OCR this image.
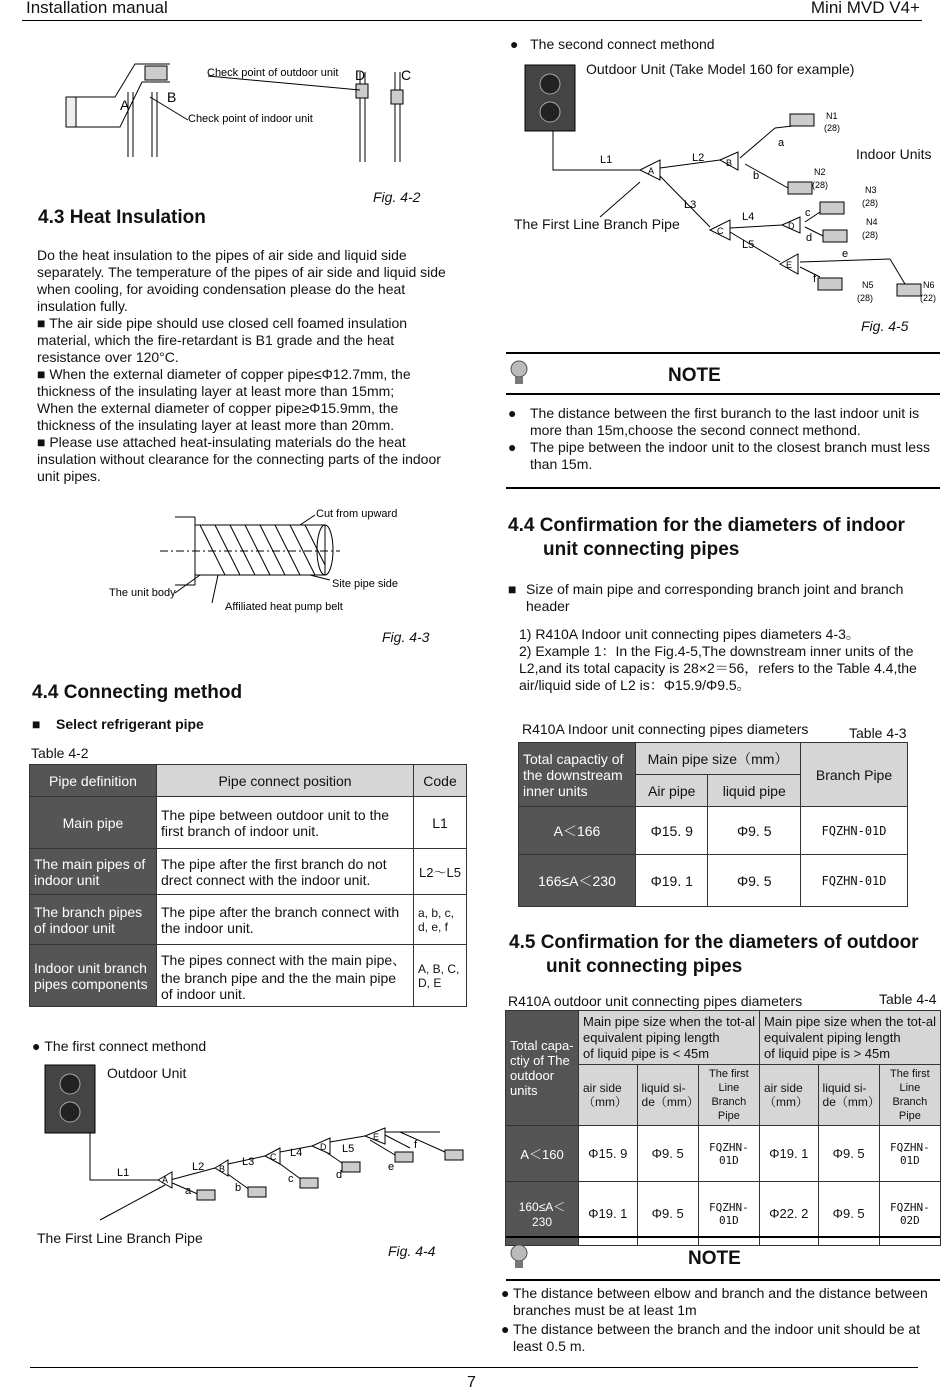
Installation manual	Mini MVD V4+
Check point of outdoor unit
Check point of indoor unit
A	B
D	C
Fig. 4-2
4.3 Heat Insulation
Do the heat insulation to the pipes of air side and liquid side separately. The temperature of the pipes of air side and liquid side when cooling, for avoiding condensation please do the heat insulation fully.
■ The air side pipe should use closed cell foamed insulation material, which the fire-retardant is B1 grade and the heat resistance over 120°C.
■ When the external diameter of copper pipe≤Φ12.7mm, the thickness of the insulating layer at least more than 15mm;
When the external diameter of copper pipe≥Φ15.9mm, the thickness of the insulating layer at least more than 20mm.
■ Please use attached heat-insulating materials do the heat insulation without clearance for the connecting parts of the indoor unit pipes.
Cut from upward
Site pipe side
The unit body
Affiliated heat pump belt
Fig. 4-3
4.4 Connecting method
■    Select refrigerant pipe
Table 4-2
Pipe definition	Pipe connect position	Code
Main pipe	The pipe between outdoor unit to the first branch of indoor unit.	L1
The main pipes of indoor unit	The pipe after the first branch do not drect connect with the indoor unit.	L2～L5
The branch pipes of indoor unit	The pipe after the branch connect with the indoor unit.	a, b, c, d, e, f
Indoor unit branch pipes components	The pipes connect with the main pipe、the branch pipe and the the main pipe of indoor unit.	A, B, C, D, E
● The first connect methond
Outdoor Unit
L1	L2	L3
L4	L5
A
B
C
D
E
a	b
c	d
e
f
The First Line Branch Pipe
Fig. 4-4
●   The second connect methond
Outdoor Unit (Take Model 160 for example)
Indoor Units
The First Line Branch Pipe
L1	L2
L3
L4
L5
A
B
C	D
E
a
b
c
d
e
f
N1
(28)
N2
(28)	N3
(28)
N4
(28)
N5
(28)
N6
(22)
Fig. 4-5
NOTE
● The distance between the first buranch to the last indoor unit is more than 15m,choose the second connect methond.
● The pipe between the indoor unit to the closest branch must less than 15m.
4.4 Confirmation for the diameters of indoor
unit connecting pipes
■ Size of main pipe and corresponding branch joint and branch header
1) R410A Indoor unit connecting pipes diameters 4-3。
2) Example 1：In the Fig.4-5,The downstream inner units of the L2,and its total capacity is 28×2＝56，refers to the Table 4.4,the air/liquid side of L2 is：Φ15.9/Φ9.5。
R410A Indoor unit connecting pipes diameters	Table 4-3
Total capactiy of the downstream inner units	Main pipe size（mm）		Branch Pipe
	Air pipe	liquid pipe	
A＜166	Φ15. 9	Φ9. 5	FQZHN-01D
166≤A＜230	Φ19. 1	Φ9. 5	FQZHN-01D
4.5 Confirmation for the diameters of outdoor
unit connecting pipes
R410A outdoor unit connecting pipes diameters	Table 4-4
Total capa-ctiy of The outdoor units	Main pipe size when the tot-al equivalent piping length
of liquid pipe is < 45m			Main pipe size when the tot-al equivalent piping length
of liquid pipe is > 45m		
	air side（mm）	liquid si-de（mm）	The first Line Branch Pipe	air side（mm）	liquid si-de（mm）	The first Line Branch Pipe
A＜160	Φ15. 9	Φ9. 5	FQZHN-01D	Φ19. 1	Φ9. 5	FQZHN-01D
160≤A＜230	Φ19. 1	Φ9. 5	FQZHN-01D	Φ22. 2	Φ9. 5	FQZHN-02D
NOTE
● The distance between elbow and branch and the distance between branches must be at least 1m
● The distance between the branch and the indoor unit should be at least 0.5 m.
7
